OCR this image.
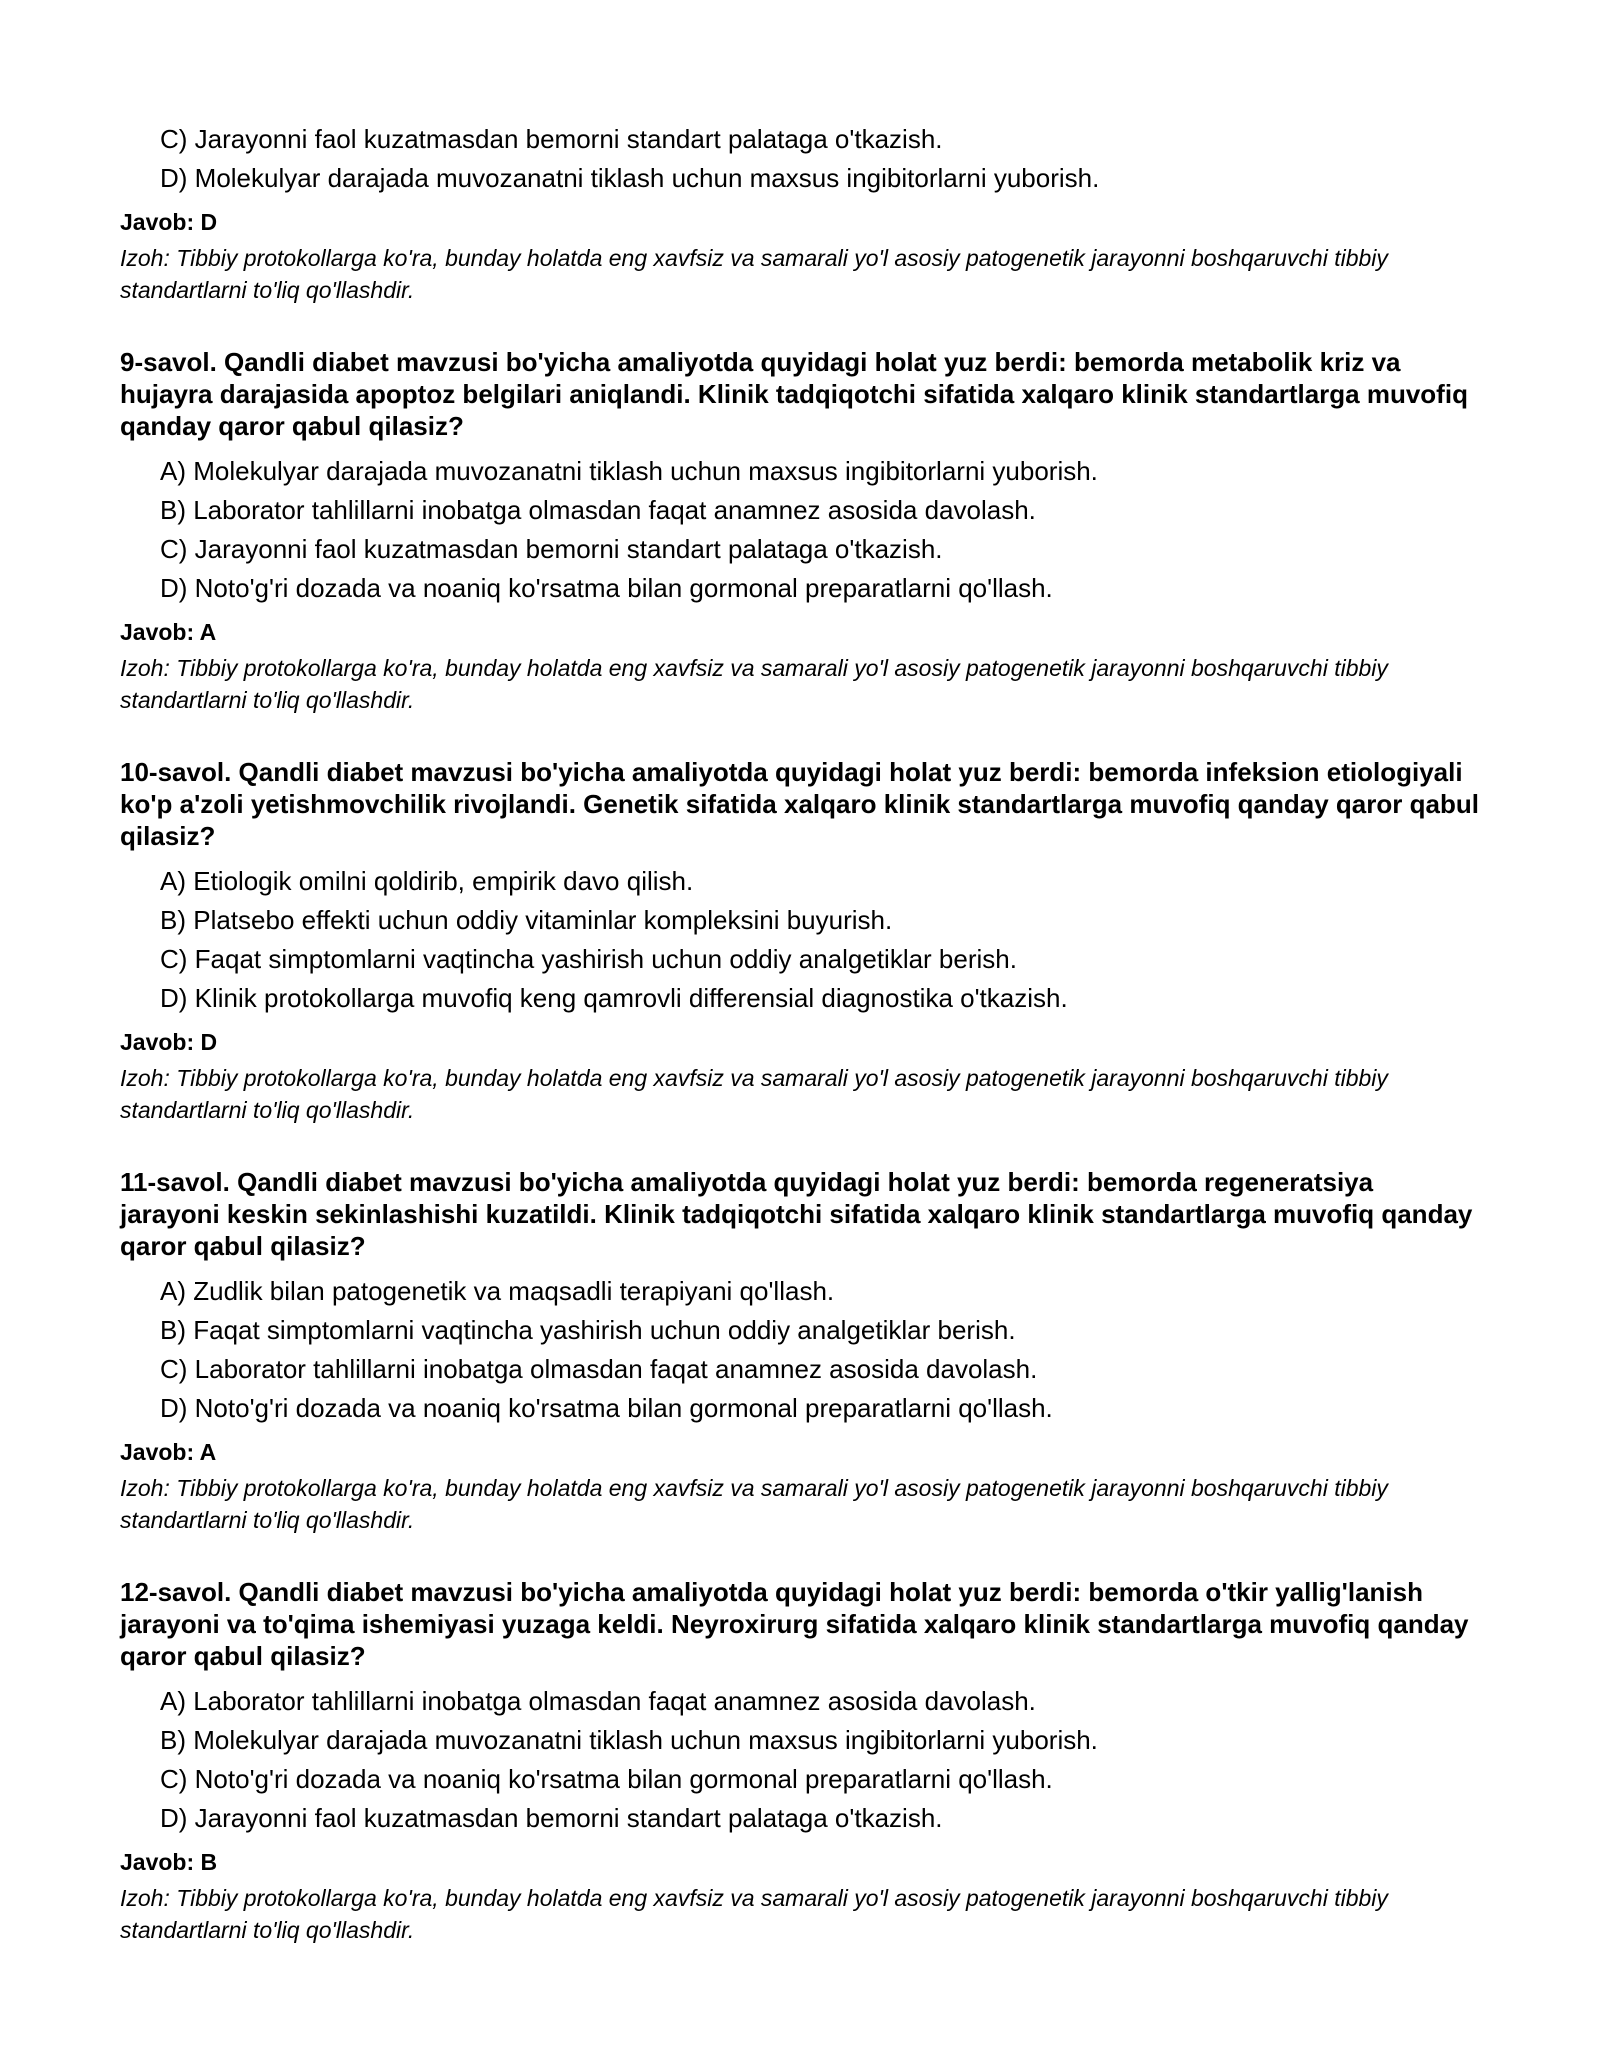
C) Jarayonni faol kuzatmasdan bemorni standart palataga o'tkazish.
D) Molekulyar darajada muvozanatni tiklash uchun maxsus ingibitorlarni yuborish.
Javob: D
Izoh: Tibbiy protokollarga ko'ra, bunday holatda eng xavfsiz va samarali yo'l asosiy patogenetik jarayonni boshqaruvchi tibbiy standartlarni to'liq qo'llashdir.
9-savol. Qandli diabet mavzusi bo'yicha amaliyotda quyidagi holat yuz berdi: bemorda metabolik kriz va hujayra darajasida apoptoz belgilari aniqlandi. Klinik tadqiqotchi sifatida xalqaro klinik standartlarga muvofiq qanday qaror qabul qilasiz?
A) Molekulyar darajada muvozanatni tiklash uchun maxsus ingibitorlarni yuborish.
B) Laborator tahlillarni inobatga olmasdan faqat anamnez asosida davolash.
C) Jarayonni faol kuzatmasdan bemorni standart palataga o'tkazish.
D) Noto'g'ri dozada va noaniq ko'rsatma bilan gormonal preparatlarni qo'llash.
Javob: A
Izoh: Tibbiy protokollarga ko'ra, bunday holatda eng xavfsiz va samarali yo'l asosiy patogenetik jarayonni boshqaruvchi tibbiy standartlarni to'liq qo'llashdir.
10-savol. Qandli diabet mavzusi bo'yicha amaliyotda quyidagi holat yuz berdi: bemorda infeksion etiologiyali ko'p a'zoli yetishmovchilik rivojlandi. Genetik sifatida xalqaro klinik standartlarga muvofiq qanday qaror qabul qilasiz?
A) Etiologik omilni qoldirib, empirik davo qilish.
B) Platsebo effekti uchun oddiy vitaminlar kompleksini buyurish.
C) Faqat simptomlarni vaqtincha yashirish uchun oddiy analgetiklar berish.
D) Klinik protokollarga muvofiq keng qamrovli differensial diagnostika o'tkazish.
Javob: D
Izoh: Tibbiy protokollarga ko'ra, bunday holatda eng xavfsiz va samarali yo'l asosiy patogenetik jarayonni boshqaruvchi tibbiy standartlarni to'liq qo'llashdir.
11-savol. Qandli diabet mavzusi bo'yicha amaliyotda quyidagi holat yuz berdi: bemorda regeneratsiya jarayoni keskin sekinlashishi kuzatildi. Klinik tadqiqotchi sifatida xalqaro klinik standartlarga muvofiq qanday qaror qabul qilasiz?
A) Zudlik bilan patogenetik va maqsadli terapiyani qo'llash.
B) Faqat simptomlarni vaqtincha yashirish uchun oddiy analgetiklar berish.
C) Laborator tahlillarni inobatga olmasdan faqat anamnez asosida davolash.
D) Noto'g'ri dozada va noaniq ko'rsatma bilan gormonal preparatlarni qo'llash.
Javob: A
Izoh: Tibbiy protokollarga ko'ra, bunday holatda eng xavfsiz va samarali yo'l asosiy patogenetik jarayonni boshqaruvchi tibbiy standartlarni to'liq qo'llashdir.
12-savol. Qandli diabet mavzusi bo'yicha amaliyotda quyidagi holat yuz berdi: bemorda o'tkir yallig'lanish jarayoni va to'qima ishemiyasi yuzaga keldi. Neyroxirurg sifatida xalqaro klinik standartlarga muvofiq qanday qaror qabul qilasiz?
A) Laborator tahlillarni inobatga olmasdan faqat anamnez asosida davolash.
B) Molekulyar darajada muvozanatni tiklash uchun maxsus ingibitorlarni yuborish.
C) Noto'g'ri dozada va noaniq ko'rsatma bilan gormonal preparatlarni qo'llash.
D) Jarayonni faol kuzatmasdan bemorni standart palataga o'tkazish.
Javob: B
Izoh: Tibbiy protokollarga ko'ra, bunday holatda eng xavfsiz va samarali yo'l asosiy patogenetik jarayonni boshqaruvchi tibbiy standartlarni to'liq qo'llashdir.
